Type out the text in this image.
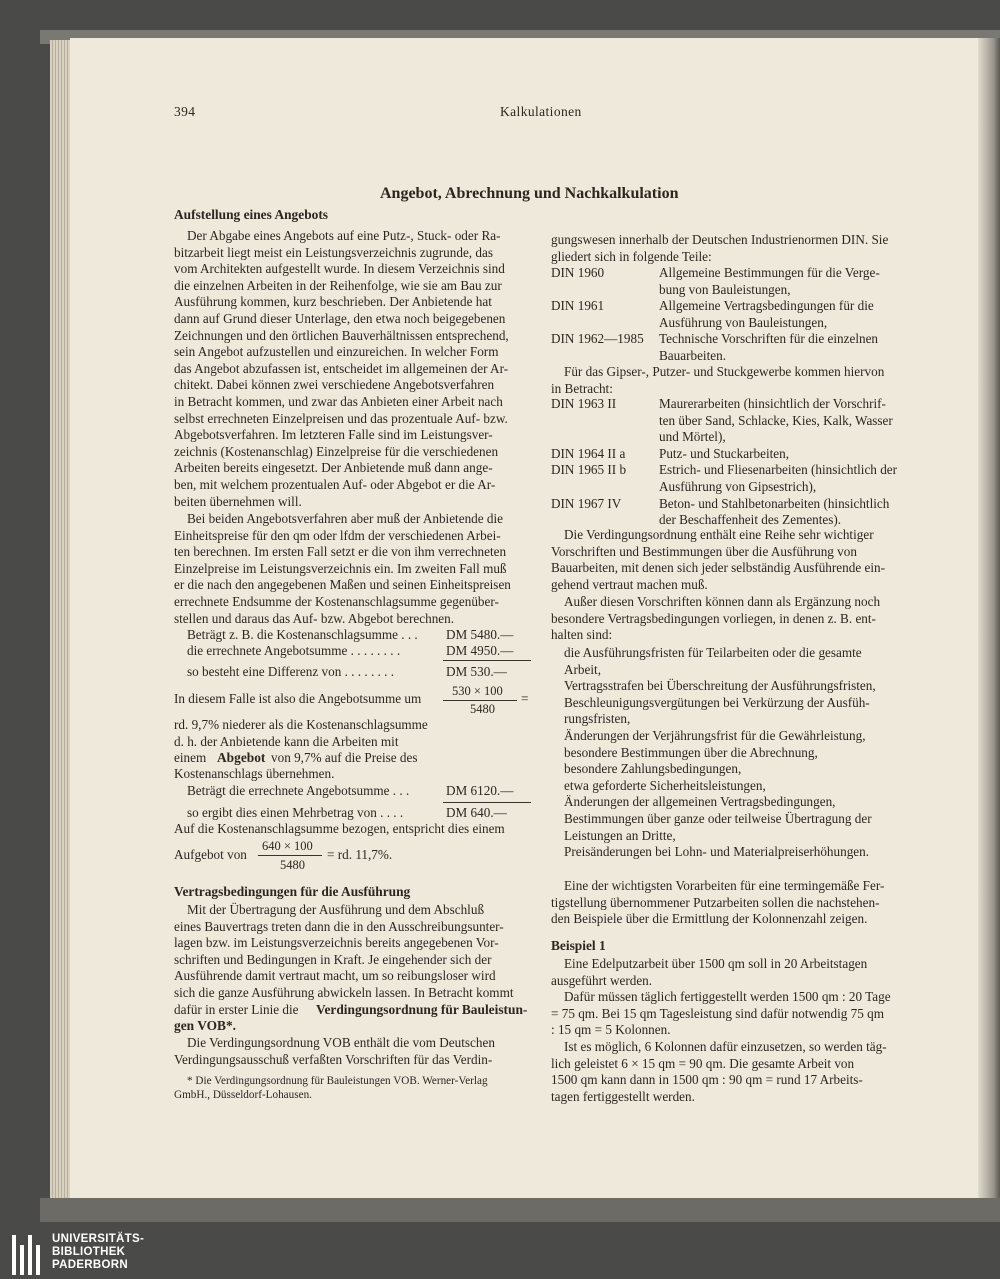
394	Kalkulationen
Angebot, Abrechnung und Nachkalkulation
Aufstellung eines Angebots
Der Abgabe eines Angebots auf eine Putz-, Stuck- oder Ra-
bitzarbeit liegt meist ein Leistungsverzeichnis zugrunde, das
vom Architekten aufgestellt wurde. In diesem Verzeichnis sind
die einzelnen Arbeiten in der Reihenfolge, wie sie am Bau zur
Ausführung kommen, kurz beschrieben. Der Anbietende hat
dann auf Grund dieser Unterlage, den etwa noch beigegebenen
Zeichnungen und den örtlichen Bauverhältnissen entsprechend,
sein Angebot aufzustellen und einzureichen. In welcher Form
das Angebot abzufassen ist, entscheidet im allgemeinen der Ar-
chitekt. Dabei können zwei verschiedene Angebotsverfahren
in Betracht kommen, und zwar das Anbieten einer Arbeit nach
selbst errechneten Einzelpreisen und das prozentuale Auf- bzw.
Abgebotsverfahren. Im letzteren Falle sind im Leistungsver-
zeichnis (Kostenanschlag) Einzelpreise für die verschiedenen
Arbeiten bereits eingesetzt. Der Anbietende muß dann ange-
ben, mit welchem prozentualen Auf- oder Abgebot er die Ar-
beiten übernehmen will.
Bei beiden Angebotsverfahren aber muß der Anbietende die
Einheitspreise für den qm oder lfdm der verschiedenen Arbei-
ten berechnen. Im ersten Fall setzt er die von ihm verrechneten
Einzelpreise im Leistungsverzeichnis ein. Im zweiten Fall muß
er die nach den angegebenen Maßen und seinen Einheitspreisen
errechnete Endsumme der Kostenanschlagsumme gegenüber-
stellen und daraus das Auf- bzw. Abgebot berechnen.
Beträgt z. B. die Kostenanschlagsumme . . . DM 5480.—
die errechnete Angebotsumme . . . . . . . .	DM 4950.—
so besteht eine Differenz von . . . . . . . .	DM 530.—
In diesem Falle ist also die Angebotsumme um 530 × 100
5480
=
rd. 9,7% niederer als die Kostenanschlagsumme
d. h. der Anbietende kann die Arbeiten mit
einem Abgebot von 9,7% auf die Preise des
Kostenanschlags übernehmen.
Beträgt die errechnete Angebotsumme . . .	DM 6120.—
so ergibt dies einen Mehrbetrag von . . . .	DM 640.—
Auf die Kostenanschlagsumme bezogen, entspricht dies einem
Aufgebot von
640 × 100
5480
= rd. 11,7%.
Vertragsbedingungen für die Ausführung
Mit der Übertragung der Ausführung und dem Abschluß
eines Bauvertrags treten dann die in den Ausschreibungsunter-
lagen bzw. im Leistungsverzeichnis bereits angegebenen Vor-
schriften und Bedingungen in Kraft. Je eingehender sich der
Ausführende damit vertraut macht, um so reibungsloser wird
sich die ganze Ausführung abwickeln lassen. In Betracht kommt
dafür in erster Linie die Verdingungsordnung für Bauleistun-
gen VOB*.
Die Verdingungsordnung VOB enthält die vom Deutschen
Verdingungsausschuß verfaßten Vorschriften für das Verdin-
* Die Verdingungsordnung für Bauleistungen VOB. Werner-Verlag
GmbH., Düsseldorf-Lohausen.
gungswesen innerhalb der Deutschen Industrienormen DIN. Sie
gliedert sich in folgende Teile:
DIN 1960	Allgemeine Bestimmungen für die Verge-
bung von Bauleistungen,
DIN 1961	Allgemeine Vertragsbedingungen für die
Ausführung von Bauleistungen,
DIN 1962—1985 Technische Vorschriften für die einzelnen
Bauarbeiten.
Für das Gipser-, Putzer- und Stuckgewerbe kommen hiervon
in Betracht:
DIN 1963 II	Maurerarbeiten (hinsichtlich der Vorschrif-
ten über Sand, Schlacke, Kies, Kalk, Wasser
und Mörtel),
DIN 1964 II a	Putz- und Stuckarbeiten,
DIN 1965 II b Estrich- und Fliesenarbeiten (hinsichtlich der
Ausführung von Gipsestrich),
DIN 1967 IV	Beton- und Stahlbetonarbeiten (hinsichtlich
der Beschaffenheit des Zementes).
Die Verdingungsordnung enthält eine Reihe sehr wichtiger
Vorschriften und Bestimmungen über die Ausführung von
Bauarbeiten, mit denen sich jeder selbständig Ausführende ein-
gehend vertraut machen muß.
Außer diesen Vorschriften können dann als Ergänzung noch
besondere Vertragsbedingungen vorliegen, in denen z. B. ent-
halten sind:
die Ausführungsfristen für Teilarbeiten oder die gesamte
Arbeit,
Vertragsstrafen bei Überschreitung der Ausführungsfristen,
Beschleunigungsvergütungen bei Verkürzung der Ausfüh-
rungsfristen,
Änderungen der Verjährungsfrist für die Gewährleistung,
besondere Bestimmungen über die Abrechnung,
besondere Zahlungsbedingungen,
etwa geforderte Sicherheitsleistungen,
Änderungen der allgemeinen Vertragsbedingungen,
Bestimmungen über ganze oder teilweise Übertragung der
Leistungen an Dritte,
Preisänderungen bei Lohn- und Materialpreiserhöhungen.
Eine der wichtigsten Vorarbeiten für eine termingemäße Fer-
tigstellung übernommener Putzarbeiten sollen die nachstehen-
den Beispiele über die Ermittlung der Kolonnenzahl zeigen.
Beispiel 1
Eine Edelputzarbeit über 1500 qm soll in 20 Arbeitstagen
ausgeführt werden.
Dafür müssen täglich fertiggestellt werden 1500 qm : 20 Tage
= 75 qm. Bei 15 qm Tagesleistung sind dafür notwendig 75 qm
: 15 qm = 5 Kolonnen.
Ist es möglich, 6 Kolonnen dafür einzusetzen, so werden täg-
lich geleistet 6 × 15 qm = 90 qm. Die gesamte Arbeit von
1500 qm kann dann in 1500 qm : 90 qm = rund 17 Arbeits-
tagen fertiggestellt werden.
UNIVERSITÄTS-
BIBLIOTHEK
PADERBORN
